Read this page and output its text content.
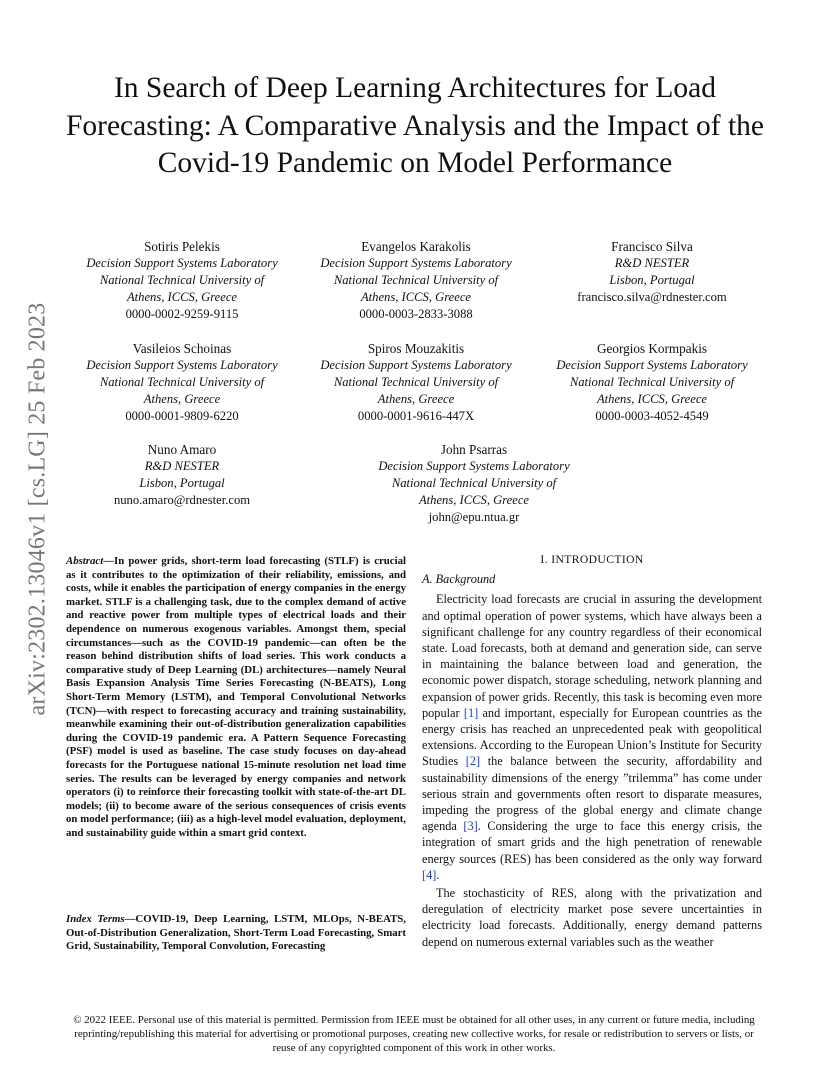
arXiv:2302.13046v1 [cs.LG] 25 Feb 2023
In Search of Deep Learning Architectures for Load Forecasting: A Comparative Analysis and the Impact of the Covid-19 Pandemic on Model Performance
Sotiris Pelekis
Decision Support Systems Laboratory
National Technical University of
Athens, ICCS, Greece
0000-0002-9259-9115
Evangelos Karakolis
Decision Support Systems Laboratory
National Technical University of
Athens, ICCS, Greece
0000-0003-2833-3088
Francisco Silva
R&D NESTER
Lisbon, Portugal
francisco.silva@rdnester.com
Vasileios Schoinas
Decision Support Systems Laboratory
National Technical University of
Athens, Greece
0000-0001-9809-6220
Spiros Mouzakitis
Decision Support Systems Laboratory
National Technical University of
Athens, Greece
0000-0001-9616-447X
Georgios Kormpakis
Decision Support Systems Laboratory
National Technical University of
Athens, ICCS, Greece
0000-0003-4052-4549
Nuno Amaro
R&D NESTER
Lisbon, Portugal
nuno.amaro@rdnester.com
John Psarras
Decision Support Systems Laboratory
National Technical University of
Athens, ICCS, Greece
john@epu.ntua.gr
Abstract—In power grids, short-term load forecasting (STLF) is crucial as it contributes to the optimization of their reliability, emissions, and costs, while it enables the participation of energy companies in the energy market. STLF is a challenging task, due to the complex demand of active and reactive power from multiple types of electrical loads and their dependence on numerous exogenous variables. Amongst them, special circumstances—such as the COVID-19 pandemic—can often be the reason behind distribution shifts of load series. This work conducts a comparative study of Deep Learning (DL) architectures—namely Neural Basis Expansion Analysis Time Series Forecasting (N-BEATS), Long Short-Term Memory (LSTM), and Temporal Convolutional Networks (TCN)—with respect to forecasting accuracy and training sustainability, meanwhile examining their out-of-distribution generalization capabilities during the COVID-19 pandemic era. A Pattern Sequence Forecasting (PSF) model is used as baseline. The case study focuses on day-ahead forecasts for the Portuguese national 15-minute resolution net load time series. The results can be leveraged by energy companies and network operators (i) to reinforce their forecasting toolkit with state-of-the-art DL models; (ii) to become aware of the serious consequences of crisis events on model performance; (iii) as a high-level model evaluation, deployment, and sustainability guide within a smart grid context.
Index Terms—COVID-19, Deep Learning, LSTM, MLOps, N-BEATS, Out-of-Distribution Generalization, Short-Term Load Forecasting, Smart Grid, Sustainability, Temporal Convolution, Forecasting
I. INTRODUCTION
A. Background

Electricity load forecasts are crucial in assuring the development and optimal operation of power systems, which have always been a significant challenge for any country regardless of their economical state. Load forecasts, both at demand and generation side, can serve in maintaining the balance between load and generation, the economic power dispatch, storage scheduling, network planning and expansion of power grids. Recently, this task is becoming even more popular [1] and important, especially for European countries as the energy crisis has reached an unprecedented peak with geopolitical extensions. According to the European Union’s Institute for Security Studies [2] the balance between the security, affordability and sustainability dimensions of the energy ”trilemma” has come under serious strain and governments often resort to disparate measures, impeding the progress of the global energy and climate change agenda [3]. Considering the urge to face this energy crisis, the integration of smart grids and the high penetration of renewable energy sources (RES) has been considered as the only way forward [4].

The stochasticity of RES, along with the privatization and deregulation of electricity market pose severe uncertainties in electricity load forecasts. Additionally, energy demand patterns depend on numerous external variables such as the weather

© 2022 IEEE. Personal use of this material is permitted. Permission from IEEE must be obtained for all other uses, in any current or future media, including reprinting/republishing this material for advertising or promotional purposes, creating new collective works, for resale or redistribution to servers or lists, or reuse of any copyrighted component of this work in other works.
